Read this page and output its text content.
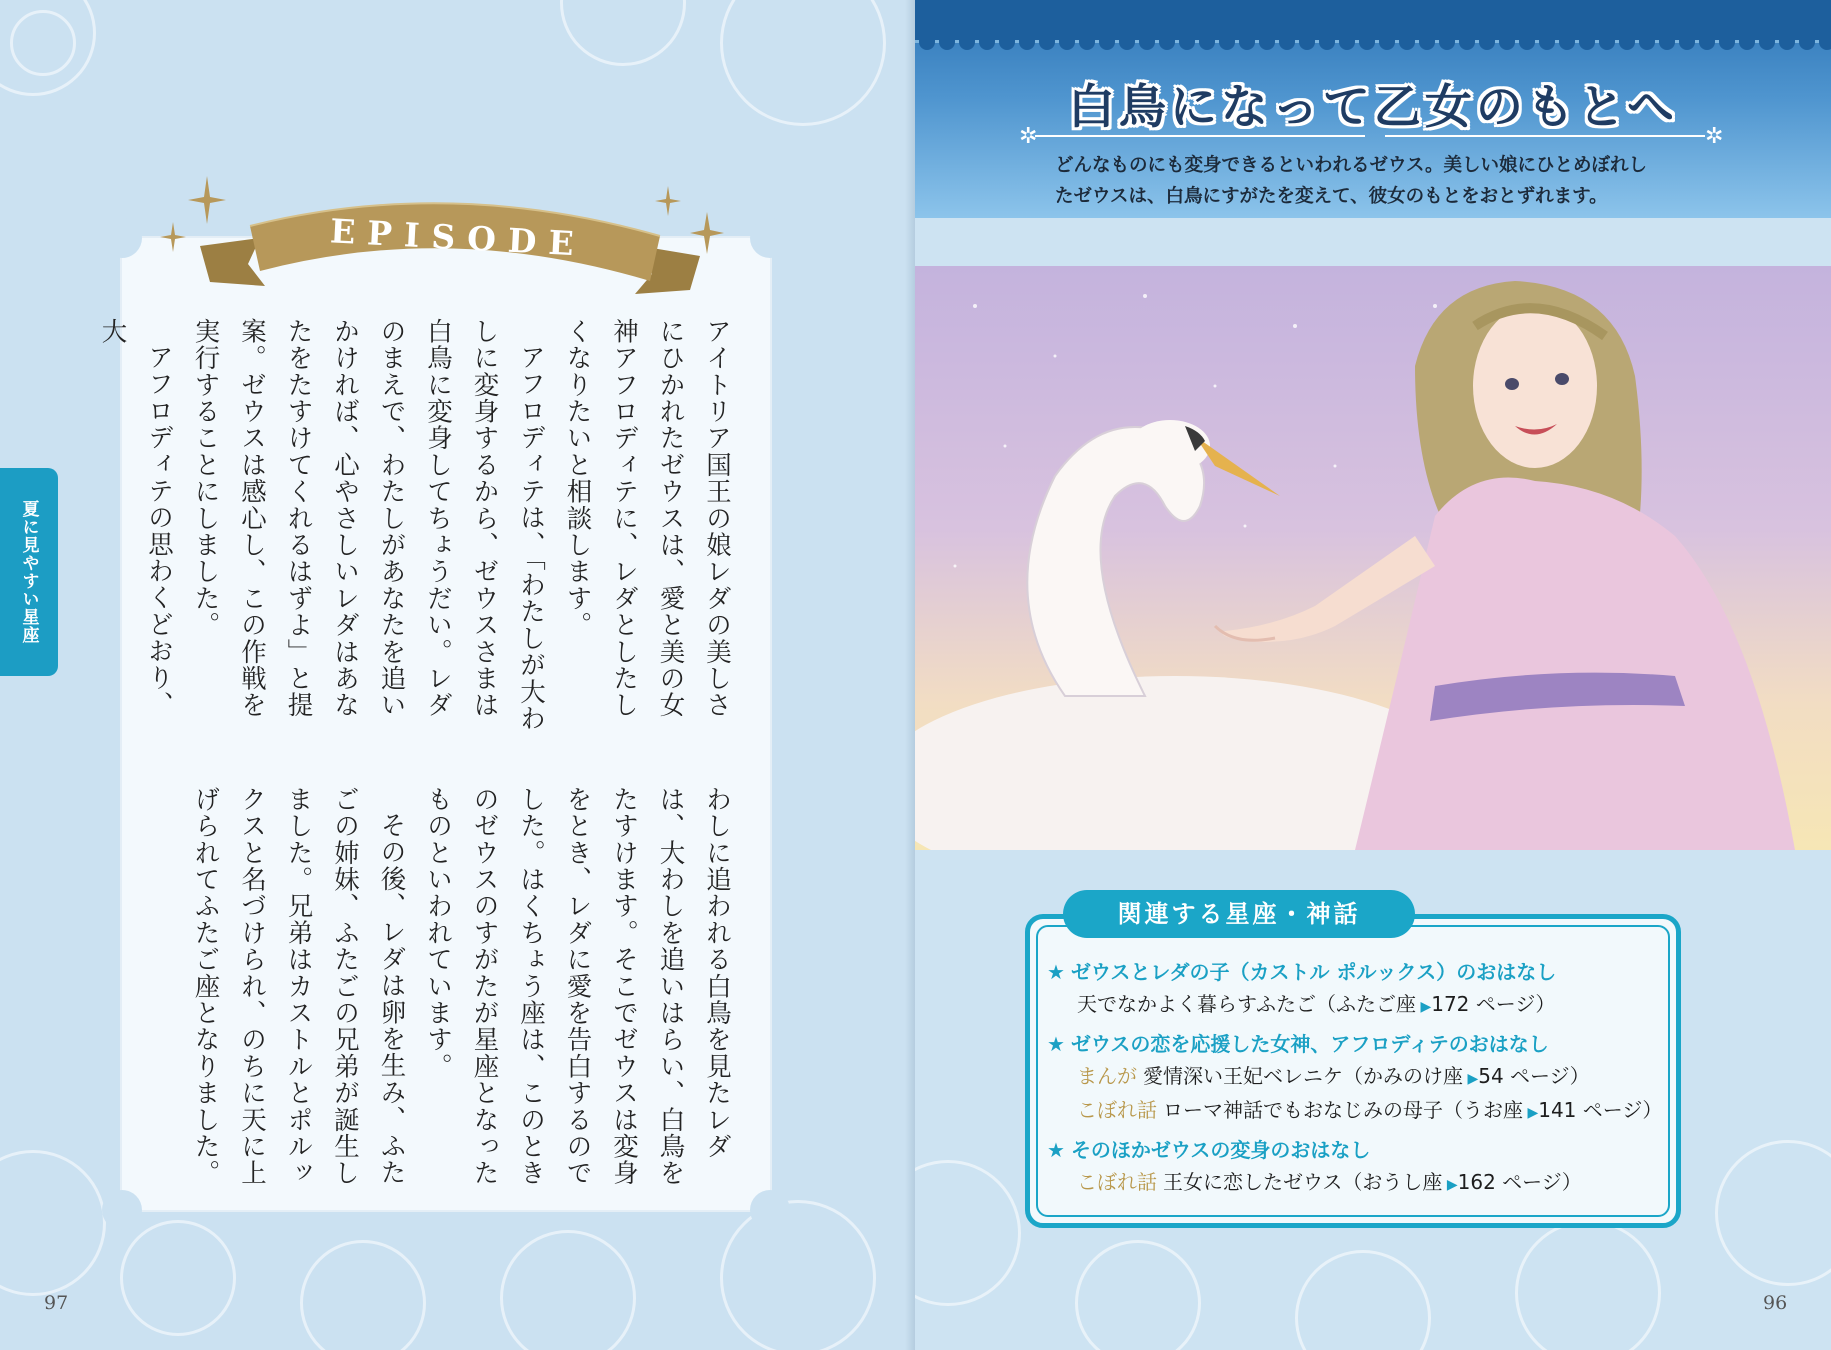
夏に見やすい星座
EPISODE
アイトリア国王の娘レダの美しさにひかれたゼウスは、愛と美の女神アフロディテに、レダとしたしくなりたいと相談します。
アフロディテは、「わたしが大わしに変身するから、ゼウスさまは白鳥に変身してちょうだい。レダのまえで、わたしがあなたを追いかければ、心やさしいレダはあなたをたすけてくれるはずよ」と提案。ゼウスは感心し、この作戦を実行することにしました。
アフロディテの思わくどおり、大
わしに追われる白鳥を見たレダは、大わしを追いはらい、白鳥をたすけます。そこでゼウスは変身をとき、レダに愛を告白するのでした。はくちょう座は、このときのゼウスのすがたが星座となったものといわれています。
その後、レダは卵を生み、ふたごの姉妹、ふたごの兄弟が誕生しました。兄弟はカストルとポルックスと名づけられ、のちに天に上げられてふたご座となりました。
97
白鳥になって乙女のもとへ
✲	✲
どんなものにも変身できるといわれるゼウス。美しい娘にひとめぼれしたゼウスは、白鳥にすがたを変えて、彼女のもとをおとずれます。
関連する星座・神話
★ ゼウスとレダの子（カストル ポルックス）のおはなし
天でなかよく暮らすふたご（ふたご座 ▶172 ページ）
★ ゼウスの恋を応援した女神、アフロディテのおはなし
まんが 愛情深い王妃ベレニケ（かみのけ座 ▶54 ページ）
こぼれ話 ローマ神話でもおなじみの母子（うお座 ▶141 ページ）
★ そのほかゼウスの変身のおはなし
こぼれ話 王女に恋したゼウス（おうし座 ▶162 ページ）
96
